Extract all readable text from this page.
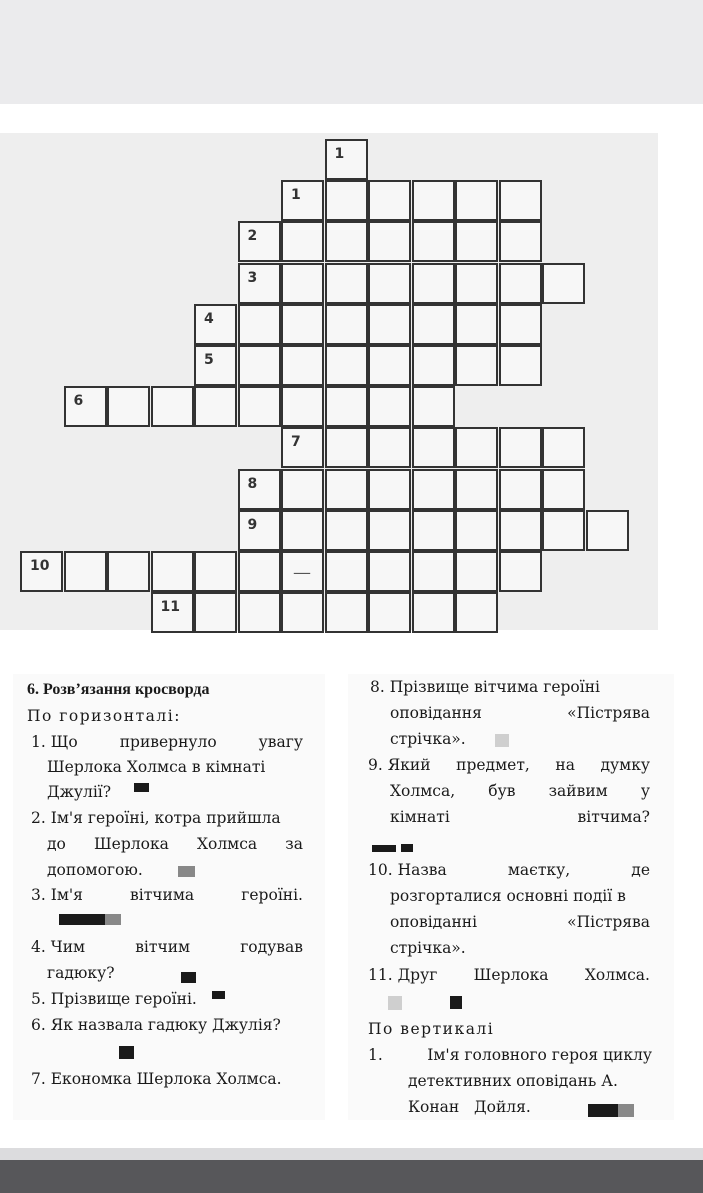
1
1
2
3
4
5
6
7
8
9
10	—
11
6. Розв’язання кросворда
По горизонталі:
1. Що	привернуло	увагу
Шерлока Холмса в кімнаті
Джулії?
2. Ім'я героїні, котра прийшла
до Шерлока Холмса за
допомогою.
3. Ім'я	вітчима	героїні.
4. Чим	вітчим	годував
гадюку?
5. Прізвище героїні.
6. Як назвала гадюку Джулія?
7. Економка Шерлока Холмса.
8. Прізвище вітчима героїні
оповідання	«Пістрява
стрічка».
9. Який предмет, на думку
Холмса, був зайвим у
кімнаті	вітчима?
10. Назва	маєтку,	де
розгорталися основні події в
оповіданні	«Пістрява
стрічка».
11. Друг Шерлока Холмса.
По вертикалі
1.	Ім'я головного героя циклу
детективних оповідань А.
Конан Дойля.
